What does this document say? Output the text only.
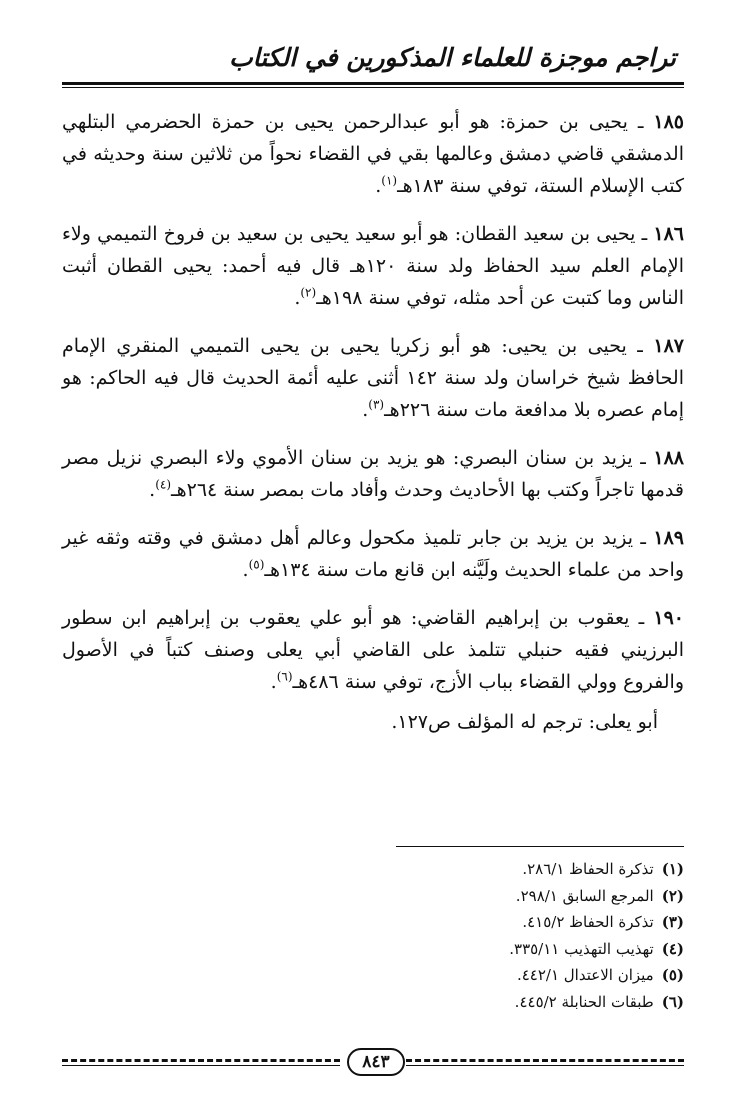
تراجم موجزة للعلماء المذكورين في الكتاب

١٨٥ ـ يحيى بن حمزة: هو أبو عبدالرحمن يحيى بن حمزة الحضرمي البتلهي الدمشقي قاضي دمشق وعالمها بقي في القضاء نحواً من ثلاثين سنة وحديثه في كتب الإسلام الستة، توفي سنة ١٨٣هـ$^{(١)}$.

١٨٦ ـ يحيى بن سعيد القطان: هو أبو سعيد يحيى بن سعيد بن فروخ التميمي ولاء الإمام العلم سيد الحفاظ ولد سنة ١٢٠هـ قال فيه أحمد: يحيى القطان أثبت الناس وما كتبت عن أحد مثله، توفي سنة ١٩٨هـ$^{(٢)}$.

١٨٧ ـ يحيى بن يحيى: هو أبو زكريا يحيى بن يحيى التميمي المنقري الإمام الحافظ شيخ خراسان ولد سنة ١٤٢ أثنى عليه أئمة الحديث قال فيه الحاكم: هو إمام عصره بلا مدافعة مات سنة ٢٢٦هـ$^{(٣)}$.

١٨٨ ـ يزيد بن سنان البصري: هو يزيد بن سنان الأموي ولاء البصري نزيل مصر قدمها تاجراً وكتب بها الأحاديث وحدث وأفاد مات بمصر سنة ٢٦٤هـ$^{(٤)}$.

١٨٩ ـ يزيد بن يزيد بن جابر تلميذ مكحول وعالم أهل دمشق في وقته وثقه غير واحد من علماء الحديث ولَيَّنه ابن قانع مات سنة ١٣٤هـ$^{(٥)}$.

١٩٠ ـ يعقوب بن إبراهيم القاضي: هو أبو علي يعقوب بن إبراهيم ابن سطور البرزيني فقيه حنبلي تتلمذ على القاضي أبي يعلى وصنف كتباً في الأصول والفروع وولي القضاء بباب الأزج، توفي سنة ٤٨٦هـ$^{(٦)}$.

أبو يعلى: ترجم له المؤلف ص١٢٧.

(١)تذكرة الحفاظ ٢٨٦/١.
(٢)المرجع السابق ٢٩٨/١.
(٣)تذكرة الحفاظ ٤١٥/٢.
(٤)تهذيب التهذيب ٣٣٥/١١.
(٥)ميزان الاعتدال ٤٤٢/١.
(٦)طبقات الحنابلة ٤٤٥/٢.
٨٤٣
